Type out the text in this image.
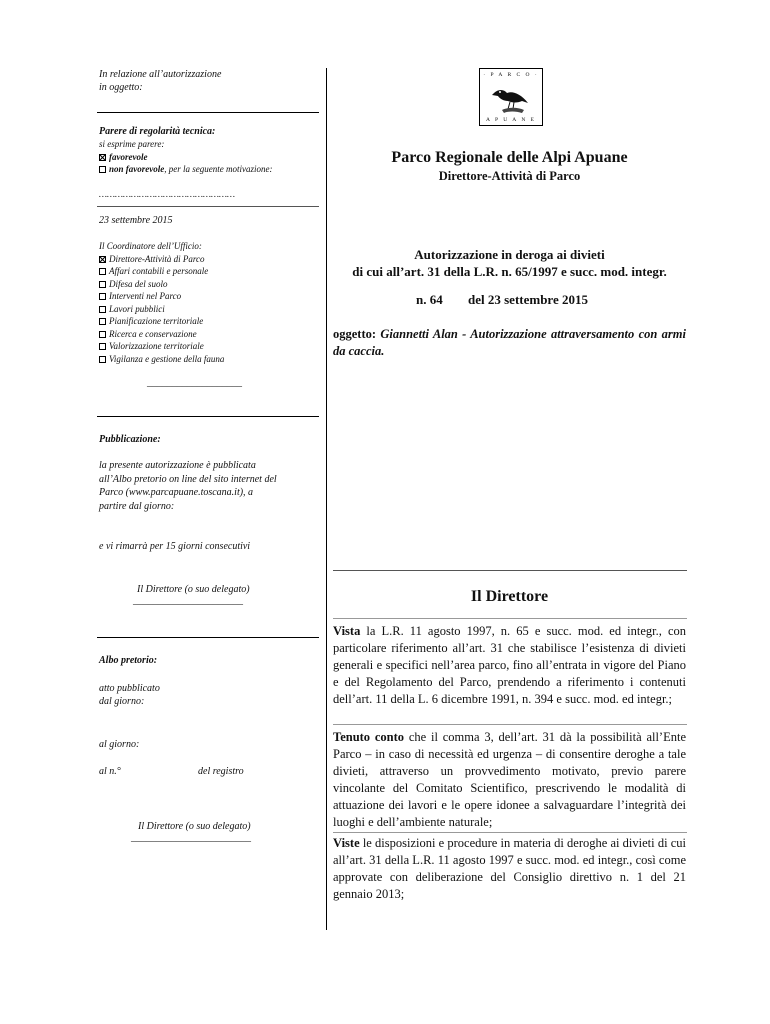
In relazione all’autorizzazione
in oggetto:
Parere di regolarità tecnica:
si esprime parere:
favorevole
non favorevole, per la seguente motivazione:
……………………………………………
23 settembre 2015
Il Coordinatore dell’Ufficio:
Direttore-Attività di Parco
Affari contabili e personale
Difesa del suolo
Interventi nel Parco
Lavori pubblici
Pianificazione territoriale
Ricerca e conservazione
Valorizzazione territoriale
Vigilanza e gestione della fauna
___________________
Pubblicazione:
la presente autorizzazione è pubblicata
all’Albo pretorio on line del sito internet del
Parco (www.parcapuane.toscana.it), a
partire dal giorno:
e vi rimarrà per 15 giorni consecutivi
Il Direttore (o suo delegato)
______________________
Albo pretorio:
atto pubblicato
dal giorno:
al giorno:
al n.°	del registro
Il Direttore (o suo delegato)
________________________
· P A R C O ·
A P U A N E
Parco Regionale delle Alpi Apuane
Direttore-Attività di Parco
Autorizzazione in deroga ai divieti
di cui all’art. 31 della L.R. n. 65/1997 e succ. mod. integr.
n. 64 del 23 settembre 2015
oggetto: Giannetti Alan - Autorizzazione attraversamento con armi da caccia.
Il Direttore
Vista la L.R. 11 agosto 1997, n. 65 e succ. mod. ed integr., con particolare riferimento all’art. 31 che stabilisce l’esistenza di divieti generali e specifici nell’area parco, fino all’entrata in vigore del Piano e del Regolamento del Parco, prendendo a riferimento i contenuti dell’art. 11 della L. 6 dicembre 1991, n. 394 e succ. mod. ed integr.;
Tenuto conto che il comma 3, dell’art. 31 dà la possibilità all’Ente Parco – in caso di necessità ed urgenza – di consentire deroghe a tale divieti, attraverso un provvedimento motivato, previo parere vincolante del Comitato Scientifico, prescrivendo le modalità di attuazione dei lavori e le opere idonee a salvaguardare l’integrità dei luoghi e dell’ambiente naturale;
Viste le disposizioni e procedure in materia di deroghe ai divieti di cui all’art. 31 della L.R. 11 agosto 1997 e succ. mod. ed integr., così come approvate con deliberazione del Consiglio direttivo n. 1 del 21 gennaio 2013;
